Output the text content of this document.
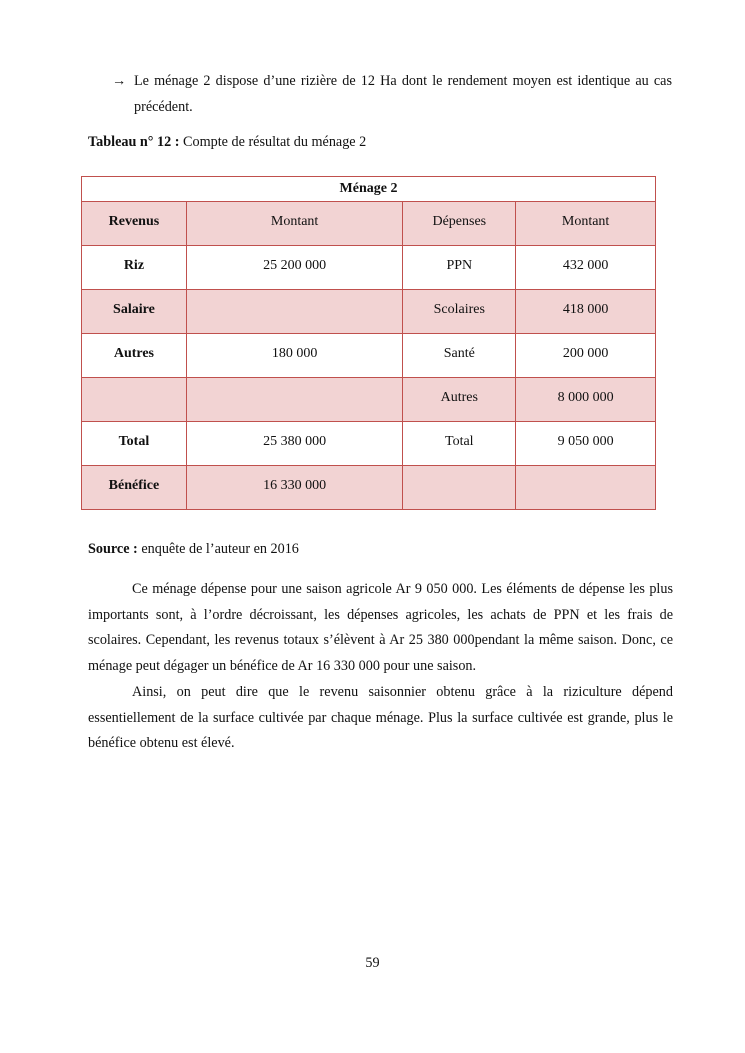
→ Le ménage 2 dispose d’une rizière de 12 Ha dont le rendement moyen est identique au cas précédent.
Tableau n° 12 : Compte de résultat du ménage 2
Ménage 2			
Revenus	Montant	Dépenses	Montant
Riz	25 200 000	PPN	432 000
Salaire		Scolaires	418 000
Autres	180 000	Santé	200 000
		Autres	8 000 000
Total	25 380 000	Total	9 050 000
Bénéfice	16 330 000		
Source : enquête de l’auteur en 2016
Ce ménage dépense pour une saison agricole Ar 9 050 000. Les éléments de dépense les plus importants sont, à l’ordre décroissant, les dépenses agricoles, les achats de PPN et les frais de scolaires. Cependant, les revenus totaux s’élèvent à Ar 25 380 000pendant la même saison. Donc, ce ménage peut dégager un bénéfice de Ar 16 330 000 pour une saison.
Ainsi, on peut dire que le revenu saisonnier obtenu grâce à la riziculture dépend essentiellement de la surface cultivée par chaque ménage. Plus la surface cultivée est grande, plus le bénéfice obtenu est élevé.
59
